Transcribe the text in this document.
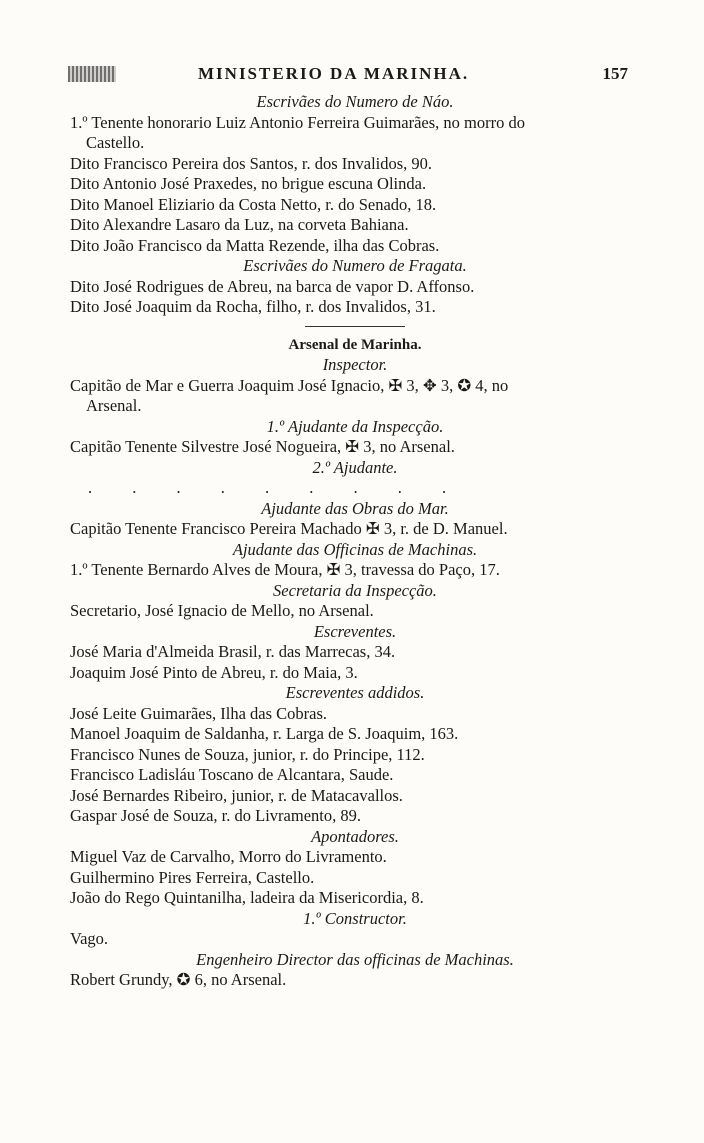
MINISTERIO DA MARINHA.	157
Escrivães do Numero de Náo.
1.º Tenente honorario Luiz Antonio Ferreira Guimarães, no morro do
Castello.
Dito Francisco Pereira dos Santos, r. dos Invalidos, 90.
Dito Antonio José Praxedes, no brigue escuna Olinda.
Dito Manoel Eliziario da Costa Netto, r. do Senado, 18.
Dito Alexandre Lasaro da Luz, na corveta Bahiana.
Dito João Francisco da Matta Rezende, ilha das Cobras.
Escrivães do Numero de Fragata.
Dito José Rodrigues de Abreu, na barca de vapor D. Affonso.
Dito José Joaquim da Rocha, filho, r. dos Invalidos, 31.
Arsenal de Marinha.
Inspector.
Capitão de Mar e Guerra Joaquim José Ignacio, ✠ 3, ✥ 3, ✪ 4, no
Arsenal.
1.º Ajudante da Inspecção.
Capitão Tenente Silvestre José Nogueira, ✠ 3, no Arsenal.
2.º Ajudante.
. . . . . . . . .
Ajudante das Obras do Mar.
Capitão Tenente Francisco Pereira Machado ✠ 3, r. de D. Manuel.
Ajudante das Officinas de Machinas.
1.º Tenente Bernardo Alves de Moura, ✠ 3, travessa do Paço, 17.
Secretaria da Inspecção.
Secretario, José Ignacio de Mello, no Arsenal.
Escreventes.
José Maria d'Almeida Brasil, r. das Marrecas, 34.
Joaquim José Pinto de Abreu, r. do Maia, 3.
Escreventes addidos.
José Leite Guimarães, Ilha das Cobras.
Manoel Joaquim de Saldanha, r. Larga de S. Joaquim, 163.
Francisco Nunes de Souza, junior, r. do Principe, 112.
Francisco Ladisláu Toscano de Alcantara, Saude.
José Bernardes Ribeiro, junior, r. de Matacavallos.
Gaspar José de Souza, r. do Livramento, 89.
Apontadores.
Miguel Vaz de Carvalho, Morro do Livramento.
Guilhermino Pires Ferreira, Castello.
João do Rego Quintanilha, ladeira da Misericordia, 8.
1.º Constructor.
Vago.
Engenheiro Director das officinas de Machinas.
Robert Grundy, ✪ 6, no Arsenal.
